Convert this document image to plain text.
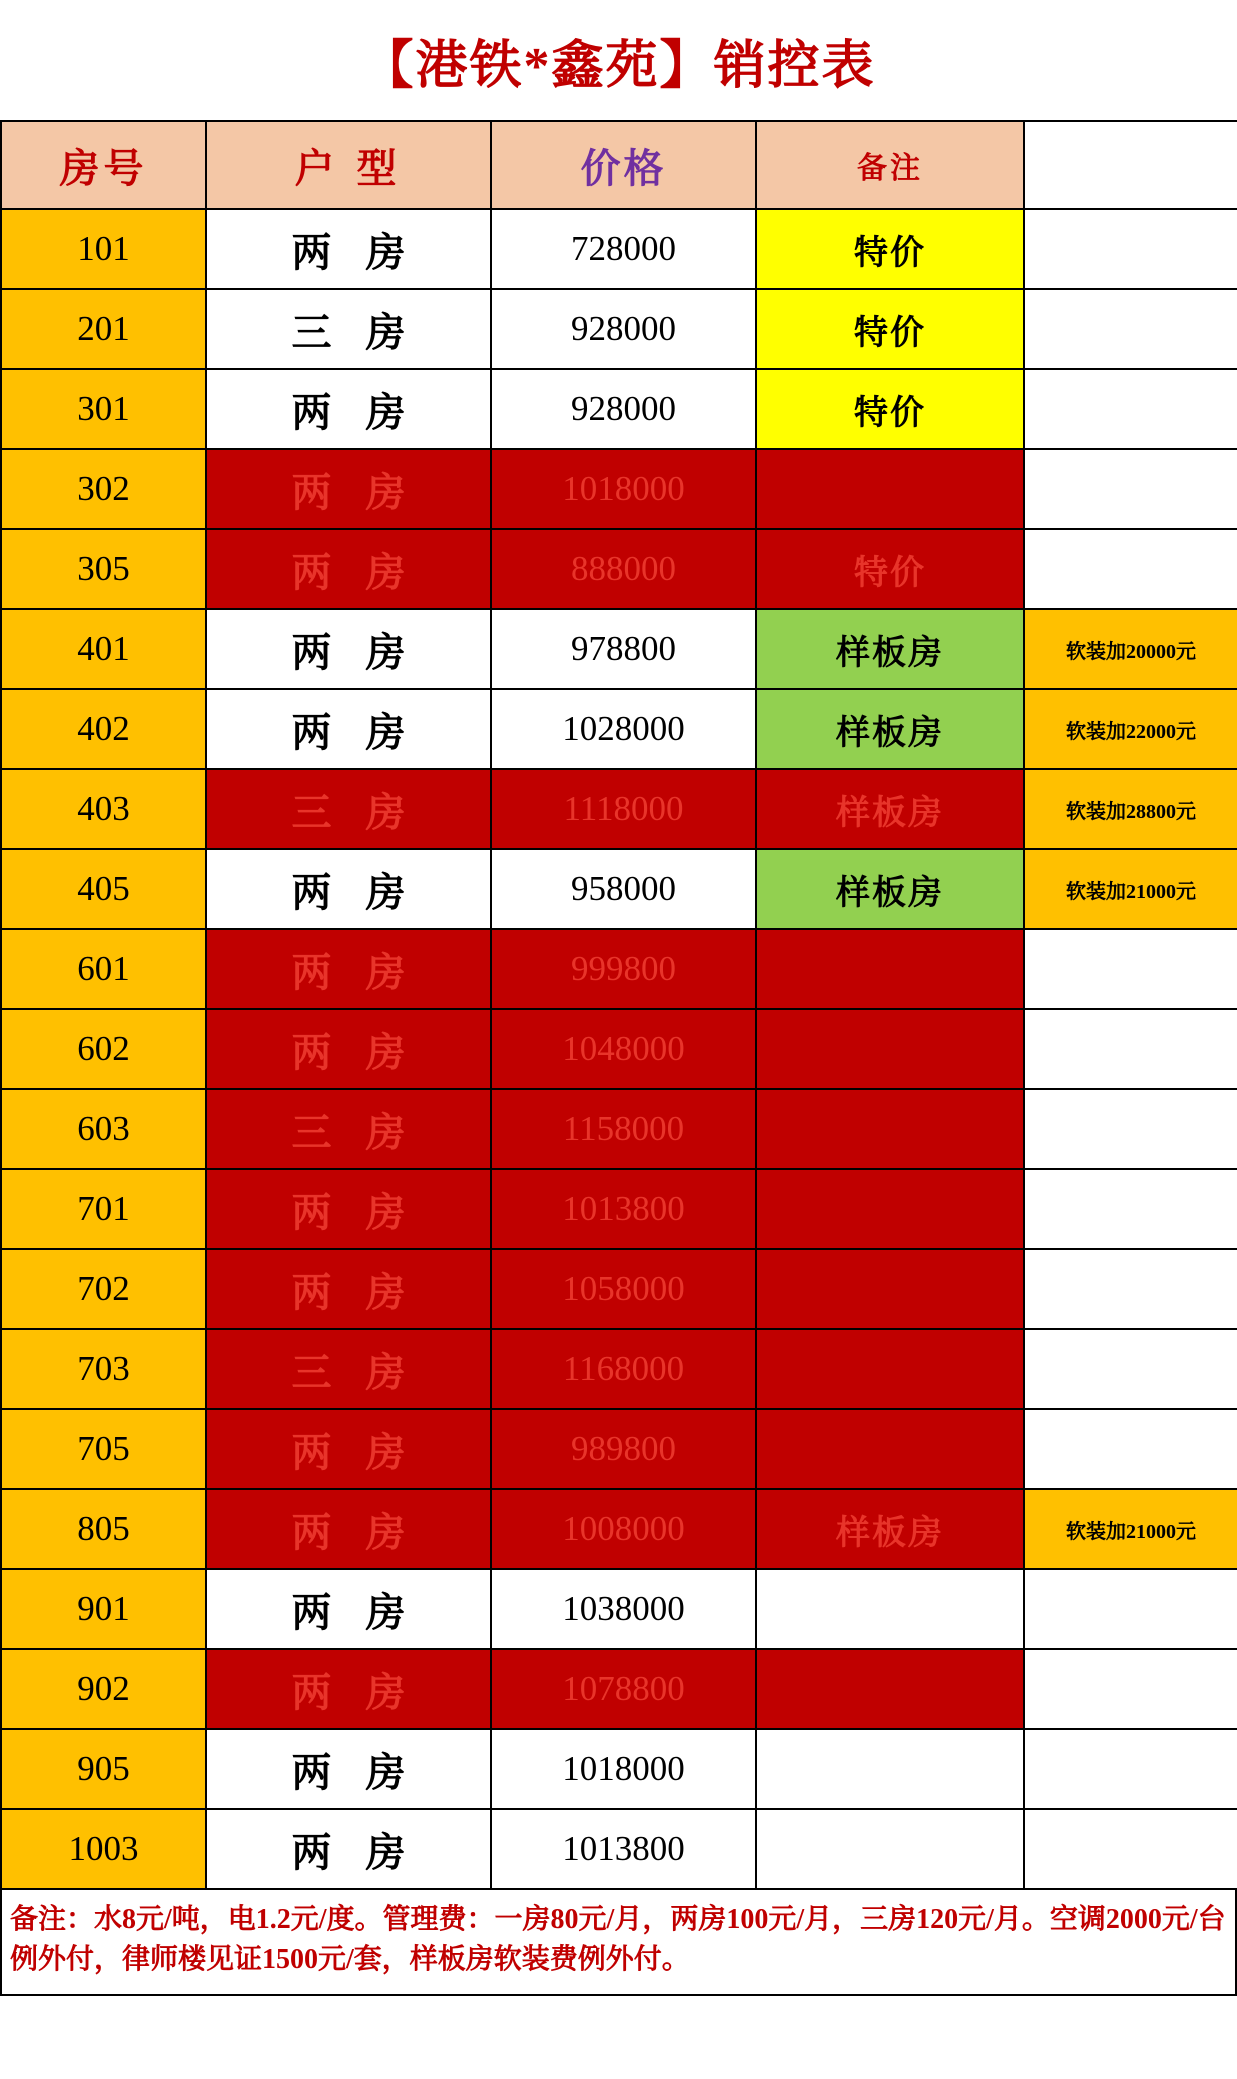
【港铁*鑫苑】销控表
房号	户 型	价格	备注	
101	两 房	728000	特价	
201	三 房	928000	特价	
301	两 房	928000	特价	
302	两 房	1018000		
305	两 房	888000	特价	
401	两 房	978800	样板房	软装加20000元
402	两 房	1028000	样板房	软装加22000元
403	三 房	1118000	样板房	软装加28800元
405	两 房	958000	样板房	软装加21000元
601	两 房	999800		
602	两 房	1048000		
603	三 房	1158000		
701	两 房	1013800		
702	两 房	1058000		
703	三 房	1168000		
705	两 房	989800		
805	两 房	1008000	样板房	软装加21000元
901	两 房	1038000		
902	两 房	1078800		
905	两 房	1018000		
1003	两 房	1013800		
备注：水8元/吨，电1.2元/度。管理费：一房80元/月，两房100元/月，三房120元/月。空调2000元/台例外付，律师楼见证1500元/套，样板房软装费例外付。
